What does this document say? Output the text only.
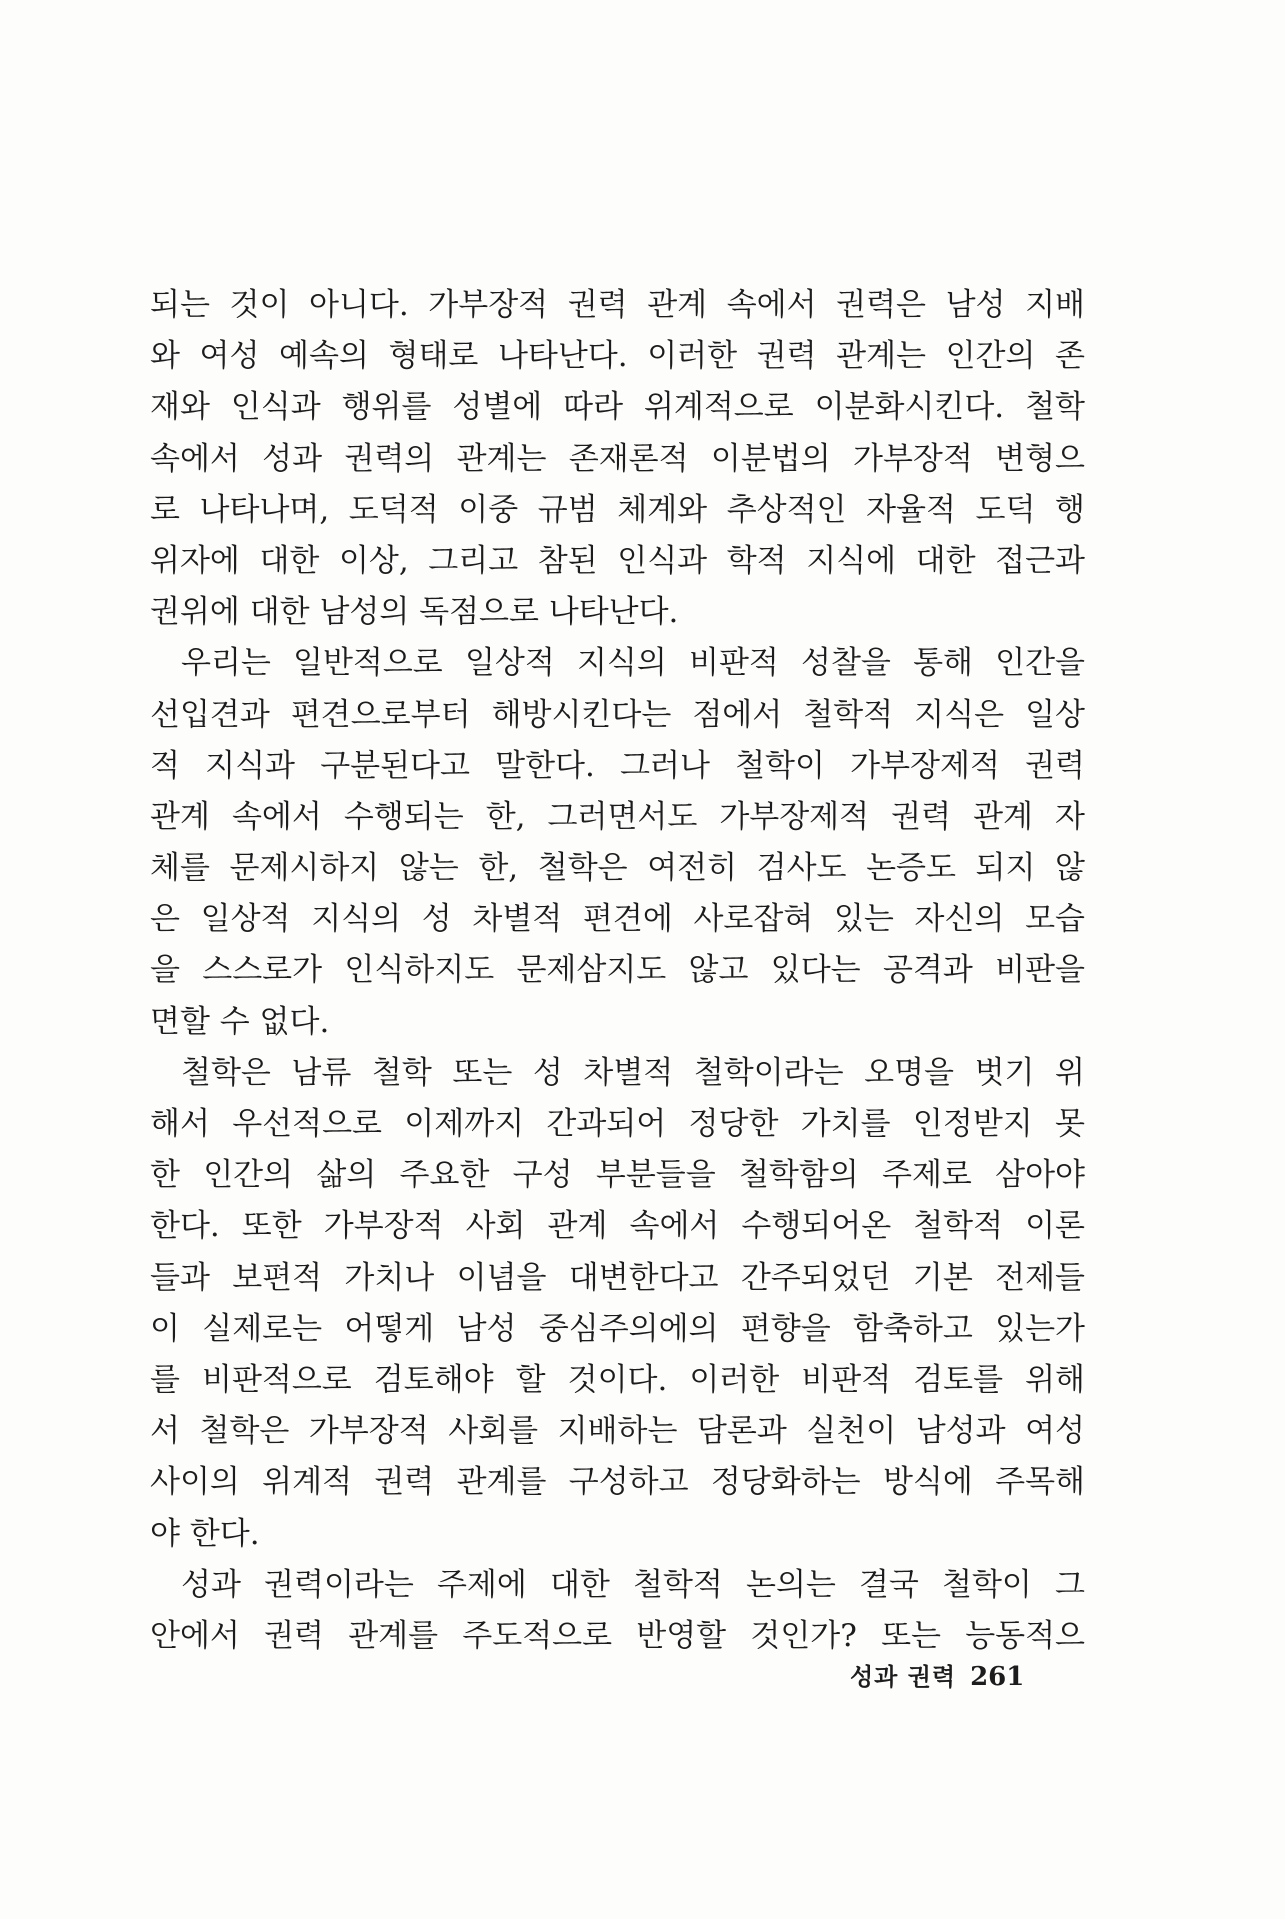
되는 것이 아니다. 가부장적 권력 관계 속에서 권력은 남성 지배
와 여성 예속의 형태로 나타난다. 이러한 권력 관계는 인간의 존
재와 인식과 행위를 성별에 따라 위계적으로 이분화시킨다. 철학
속에서 성과 권력의 관계는 존재론적 이분법의 가부장적 변형으
로 나타나며, 도덕적 이중 규범 체계와 추상적인 자율적 도덕 행
위자에 대한 이상, 그리고 참된 인식과 학적 지식에 대한 접근과
권위에 대한 남성의 독점으로 나타난다.
우리는 일반적으로 일상적 지식의 비판적 성찰을 통해 인간을
선입견과 편견으로부터 해방시킨다는 점에서 철학적 지식은 일상
적 지식과 구분된다고 말한다. 그러나 철학이 가부장제적 권력
관계 속에서 수행되는 한, 그러면서도 가부장제적 권력 관계 자
체를 문제시하지 않는 한, 철학은 여전히 검사도 논증도 되지 않
은 일상적 지식의 성 차별적 편견에 사로잡혀 있는 자신의 모습
을 스스로가 인식하지도 문제삼지도 않고 있다는 공격과 비판을
면할 수 없다.
철학은 남류 철학 또는 성 차별적 철학이라는 오명을 벗기 위
해서 우선적으로 이제까지 간과되어 정당한 가치를 인정받지 못
한 인간의 삶의 주요한 구성 부분들을 철학함의 주제로 삼아야
한다. 또한 가부장적 사회 관계 속에서 수행되어온 철학적 이론
들과 보편적 가치나 이념을 대변한다고 간주되었던 기본 전제들
이 실제로는 어떻게 남성 중심주의에의 편향을 함축하고 있는가
를 비판적으로 검토해야 할 것이다. 이러한 비판적 검토를 위해
서 철학은 가부장적 사회를 지배하는 담론과 실천이 남성과 여성
사이의 위계적 권력 관계를 구성하고 정당화하는 방식에 주목해
야 한다.
성과 권력이라는 주제에 대한 철학적 논의는 결국 철학이 그
안에서 권력 관계를 주도적으로 반영할 것인가? 또는 능동적으
성과 권력 261
